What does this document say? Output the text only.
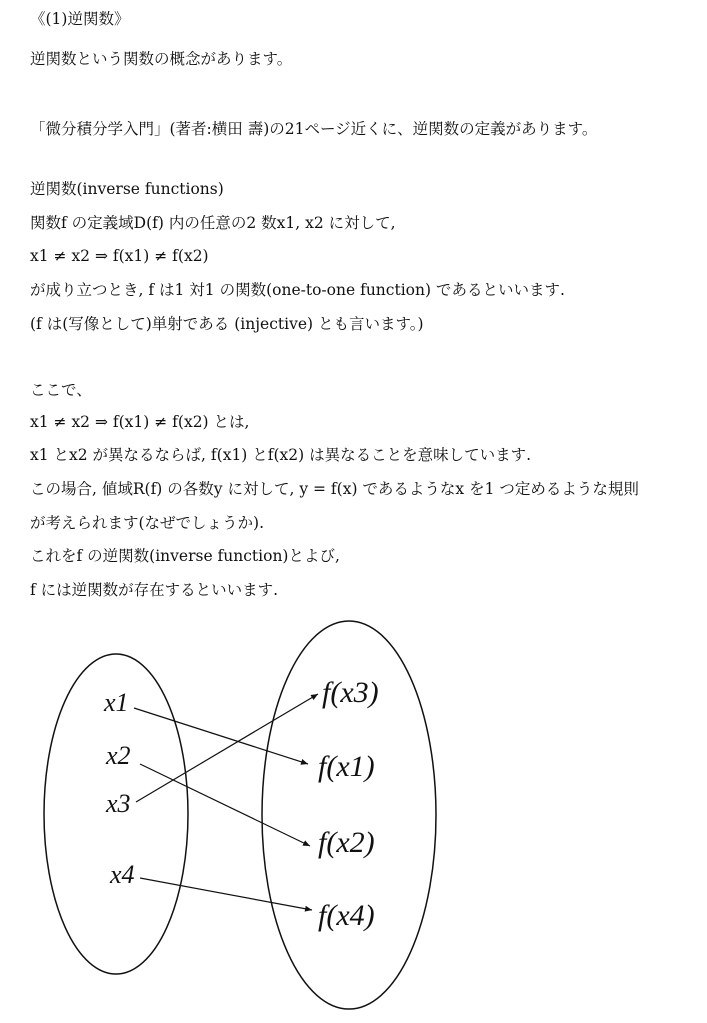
《(1)逆関数》
逆関数という関数の概念があります。
「微分積分学入門」(著者:横田 壽)の21ページ近くに、逆関数の定義があります。
逆関数(inverse functions)
関数f の定義域D(f) 内の任意の2 数x1, x2 に対して,
x1 ≠ x2 ⇒ f(x1) ≠ f(x2)
が成り立つとき, f は1 対1 の関数(one-to-one function) であるといいます.
(f は(写像として)単射である (injective) とも言います。)
ここで、
x1 ≠ x2 ⇒ f(x1) ≠ f(x2) とは,
x1 とx2 が異なるならば, f(x1) とf(x2) は異なることを意味しています.
この場合, 値域R(f) の各数y に対して, y = f(x) であるようなx を1 つ定めるような規則
が考えられます(なぜでしょうか).
これをf の逆関数(inverse function)とよび,
f には逆関数が存在するといいます.
x1
x2
x3
x4
f(x3)
f(x1)
f(x2)
f(x4)
